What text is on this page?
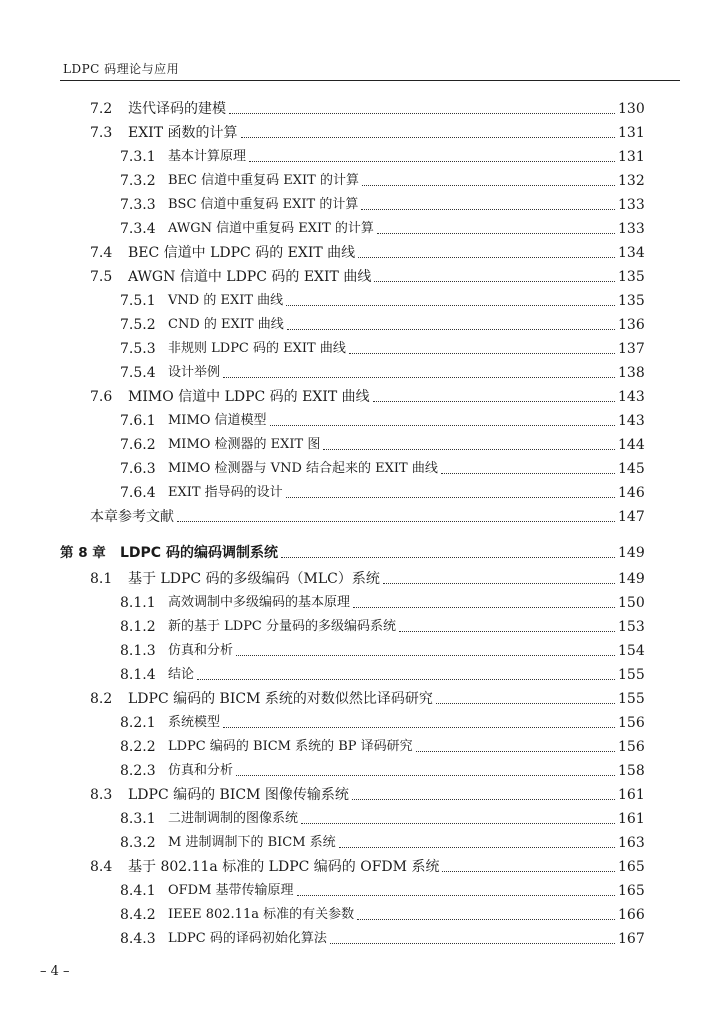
LDPC 码理论与应用
7.2	迭代译码的建模	130
7.3	EXIT 函数的计算	131
7.3.1 基本计算原理	131
7.3.2 BEC 信道中重复码 EXIT 的计算	132
7.3.3 BSC 信道中重复码 EXIT 的计算	133
7.3.4 AWGN 信道中重复码 EXIT 的计算	133
7.4	BEC 信道中 LDPC 码的 EXIT 曲线	134
7.5	AWGN 信道中 LDPC 码的 EXIT 曲线	135
7.5.1 VND 的 EXIT 曲线	135
7.5.2 CND 的 EXIT 曲线	136
7.5.3 非规则 LDPC 码的 EXIT 曲线	137
7.5.4 设计举例	138
7.6	MIMO 信道中 LDPC 码的 EXIT 曲线	143
7.6.1 MIMO 信道模型	143
7.6.2 MIMO 检测器的 EXIT 图	144
7.6.3 MIMO 检测器与 VND 结合起来的 EXIT 曲线	145
7.6.4 EXIT 指导码的设计	146
本章参考文献	147
第 8 章	LDPC 码的编码调制系统	149
8.1	基于 LDPC 码的多级编码（MLC）系统	149
8.1.1 高效调制中多级编码的基本原理	150
8.1.2 新的基于 LDPC 分量码的多级编码系统	153
8.1.3 仿真和分析	154
8.1.4 结论	155
8.2	LDPC 编码的 BICM 系统的对数似然比译码研究	155
8.2.1 系统模型	156
8.2.2 LDPC 编码的 BICM 系统的 BP 译码研究	156
8.2.3 仿真和分析	158
8.3	LDPC 编码的 BICM 图像传输系统	161
8.3.1 二进制调制的图像系统	161
8.3.2 M 进制调制下的 BICM 系统	163
8.4	基于 802.11a 标准的 LDPC 编码的 OFDM 系统	165
8.4.1 OFDM 基带传输原理	165
8.4.2 IEEE 802.11a 标准的有关参数	166
8.4.3 LDPC 码的译码初始化算法	167
– 4 –
